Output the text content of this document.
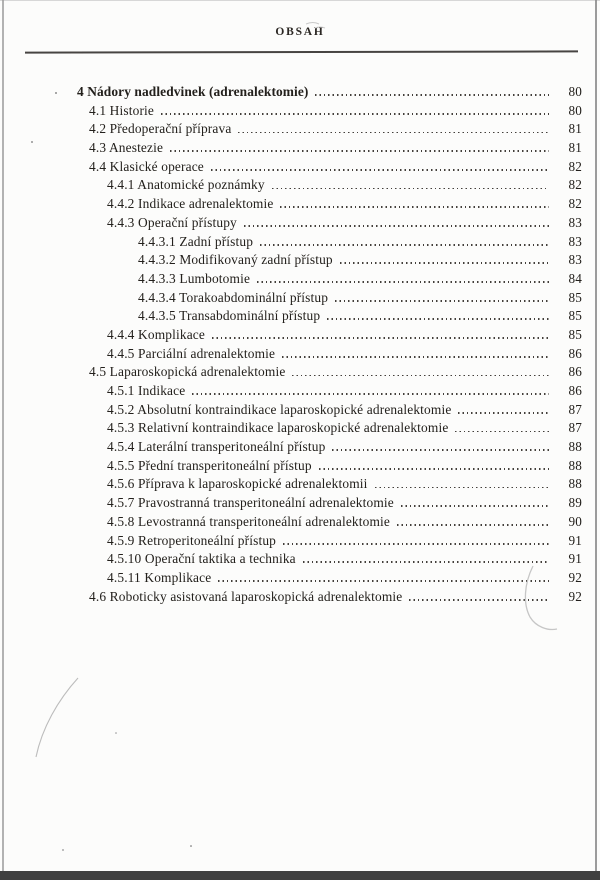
OBSAH
4 Nádory nadledvinek (adrenalektomie)	80
4.1 Historie	80
4.2 Předoperační příprava	81
4.3 Anestezie	81
4.4 Klasické operace	82
4.4.1 Anatomické poznámky	82
4.4.2 Indikace adrenalektomie	82
4.4.3 Operační přístupy	83
4.4.3.1 Zadní přístup	83
4.4.3.2 Modifikovaný zadní přístup	83
4.4.3.3 Lumbotomie	84
4.4.3.4 Torakoabdominální přístup	85
4.4.3.5 Transabdominální přístup	85
4.4.4 Komplikace	85
4.4.5 Parciální adrenalektomie	86
4.5 Laparoskopická adrenalektomie	86
4.5.1 Indikace	86
4.5.2 Absolutní kontraindikace laparoskopické adrenalektomie	87
4.5.3 Relativní kontraindikace laparoskopické adrenalektomie	87
4.5.4 Laterální transperitoneální přístup	88
4.5.5 Přední transperitoneální přístup	88
4.5.6 Příprava k laparoskopické adrenalektomii	88
4.5.7 Pravostranná transperitoneální adrenalektomie	89
4.5.8 Levostranná transperitoneální adrenalektomie	90
4.5.9 Retroperitoneální přístup	91
4.5.10 Operační taktika a technika	91
4.5.11 Komplikace	92
4.6 Roboticky asistovaná laparoskopická adrenalektomie	92
